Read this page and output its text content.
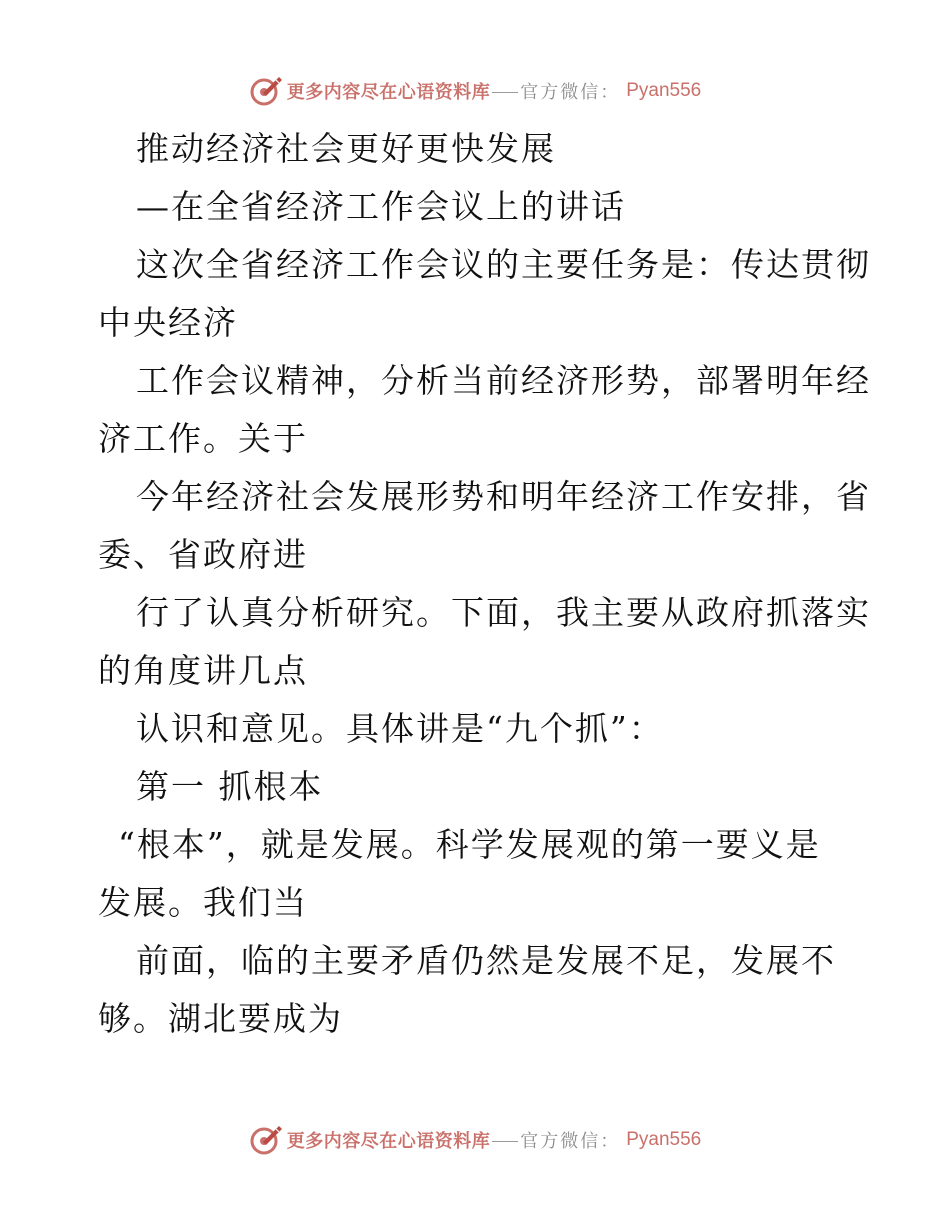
更多内容尽在心语资料库 官方微信： Pyan556
推动经济社会更好更快发展
—在全省经济工作会议上的讲话
这次全省经济工作会议的主要任务是：传达贯彻
中央经济
工作会议精神，分析当前经济形势，部署明年经
济工作。关于
今年经济社会发展形势和明年经济工作安排，省
委、省政府进
行了认真分析研究。下面，我主要从政府抓落实
的角度讲几点
认识和意见。具体讲是“九个抓”：
第一 抓根本
“根本”，就是发展。科学发展观的第一要义是
发展。我们当
前面，临的主要矛盾仍然是发展不足，发展不
够。湖北要成为
更多内容尽在心语资料库 官方微信： Pyan556
